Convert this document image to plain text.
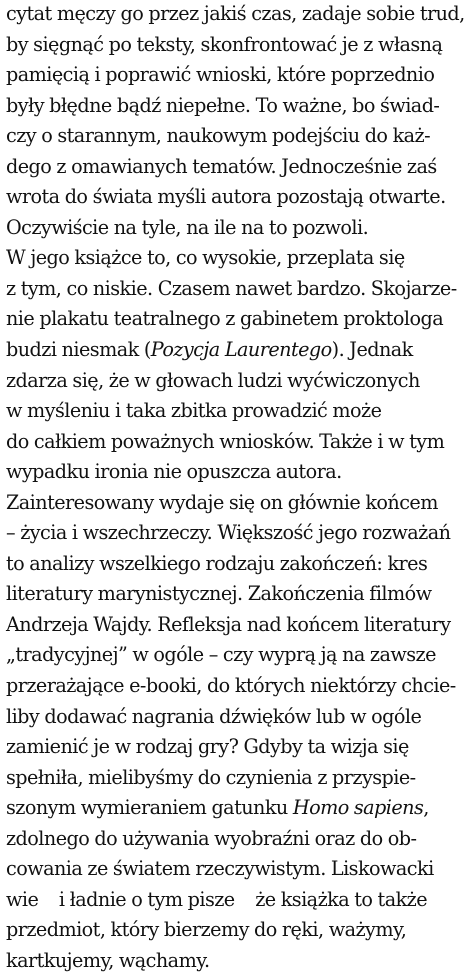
cytat męczy go przez jakiś czas, zadaje sobie trud,
by sięgnąć po teksty, skonfrontować je z własną
pamięcią i poprawić wnioski, które poprzednio
były błędne bądź niepełne. To ważne, bo świad-
czy o starannym, naukowym podejściu do każ-
dego z omawianych tematów. Jednocześnie zaś
wrota do świata myśli autora pozostają otwarte.
Oczywiście na tyle, na ile na to pozwoli.
W jego książce to, co wysokie, przeplata się
z tym, co niskie. Czasem nawet bardzo. Skojarze-
nie plakatu teatralnego z gabinetem proktologa
budzi niesmak (Pozycja Laurentego). Jednak
zdarza się, że w głowach ludzi wyćwiczonych
w myśleniu i taka zbitka prowadzić może
do całkiem poważnych wniosków. Także i w tym
wypadku ironia nie opuszcza autora.
Zainteresowany wydaje się on głównie końcem
– życia i wszechrzeczy. Większość jego rozważań
to analizy wszelkiego rodzaju zakończeń: kres
literatury marynistycznej. Zakończenia filmów
Andrzeja Wajdy. Refleksja nad końcem literatury
„tradycyjnej” w ogóle – czy wyprą ją na zawsze
przerażające e-booki, do których niektórzy chcie-
liby dodawać nagrania dźwięków lub w ogóle
zamienić je w rodzaj gry? Gdyby ta wizja się
spełniła, mielibyśmy do czynienia z przyspie-
szonym wymieraniem gatunku Homo sapiens,
zdolnego do używania wyobraźni oraz do ob-
cowania ze światem rzeczywistym. Liskowacki
wie    i ładnie o tym pisze    że książka to także
przedmiot, który bierzemy do ręki, ważymy,
kartkujemy, wąchamy.
